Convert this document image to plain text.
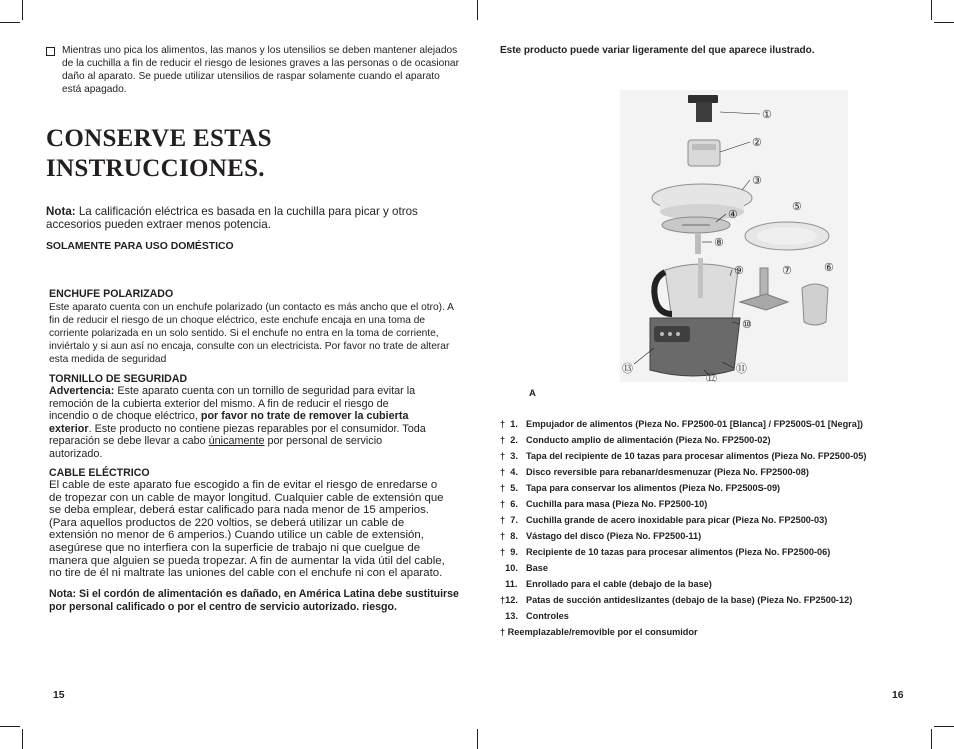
Mientras uno pica los alimentos, las manos y los utensilios se deben mantener alejados de la cuchilla a fin de reducir el riesgo de lesiones graves a las personas o de ocasionar daño al aparato. Se puede utilizar utensilios de raspar solamente cuando el aparato está apagado.
CONSERVE ESTAS
INSTRUCCIONES.
Nota: La calificación eléctrica es basada en la cuchilla para picar y otros accesorios pueden extraer menos potencia.
SOLAMENTE PARA USO DOMÉSTICO
ENCHUFE POLARIZADO
Este aparato cuenta con un enchufe polarizado (un contacto es más ancho que el otro). A fin de reducir el riesgo de un choque eléctrico, este enchufe encaja en una toma de corriente polarizada en un solo sentido. Si el enchufe no entra en la toma de corriente, inviértalo y si aun así no encaja, consulte con un electricista. Por favor no trate de alterar esta medida de seguridad
TORNILLO DE SEGURIDAD
Advertencia: Este aparato cuenta con un tornillo de seguridad para evitar la remoción de la cubierta exterior del mismo. A fin de reducir el riesgo de incendio o de choque eléctrico, por favor no trate de remover la cubierta exterior. Este producto no contiene piezas reparables por el consumidor. Toda reparación se debe llevar a cabo únicamente por personal de servicio autorizado.
CABLE ELÉCTRICO
El cable de este aparato fue escogido a fin de evitar el riesgo de enredarse o de tropezar con un cable de mayor longitud. Cualquier cable de extensión que se deba emplear, deberá estar calificado para nada menor de 15 amperios. (Para aquellos productos de 220 voltios, se deberá utilizar un cable de extensión no menor de 6 amperios.) Cuando utilice un cable de extensión, asegúrese que no interfiera con la superficie de trabajo ni que cuelgue de manera que alguien se pueda tropezar. A fin de aumentar la vida útil del cable, no tire de él ni maltrate las uniones del cable con el enchufe ni con el aparato.
Nota: Si el cordón de alimentación es dañado, en América Latina debe sustituirse por personal calificado o por el centro de servicio autorizado. riesgo.
15
Este producto puede variar ligeramente del que aparece ilustrado.
①
②
③
④
⑤
⑥
⑦
⑧
⑨
⑩
⑪
⑫
⑬
A
†  1. Empujador de alimentos (Pieza No. FP2500-01 [Blanca] / FP2500S-01 [Negra])
†  2. Conducto amplio de alimentación (Pieza No. FP2500-02)
†  3. Tapa del recipiente de 10 tazas para procesar alimentos (Pieza No. FP2500-05)
†  4. Disco reversible para rebanar/desmenuzar (Pieza No. FP2500-08)
†  5. Tapa para conservar los alimentos (Pieza No. FP2500S-09)
†  6. Cuchilla para masa (Pieza No. FP2500-10)
†  7. Cuchilla grande de acero inoxidable para picar (Pieza No. FP2500-03)
†  8. Vástago del disco (Pieza No. FP2500-11)
†  9. Recipiente de 10 tazas para procesar alimentos (Pieza No. FP2500-06)
10. Base
11. Enrollado para el cable (debajo de la base)
†12. Patas de succión antideslizantes (debajo de la base) (Pieza No. FP2500-12)
13. Controles
† Reemplazable/removible por el consumidor
16
